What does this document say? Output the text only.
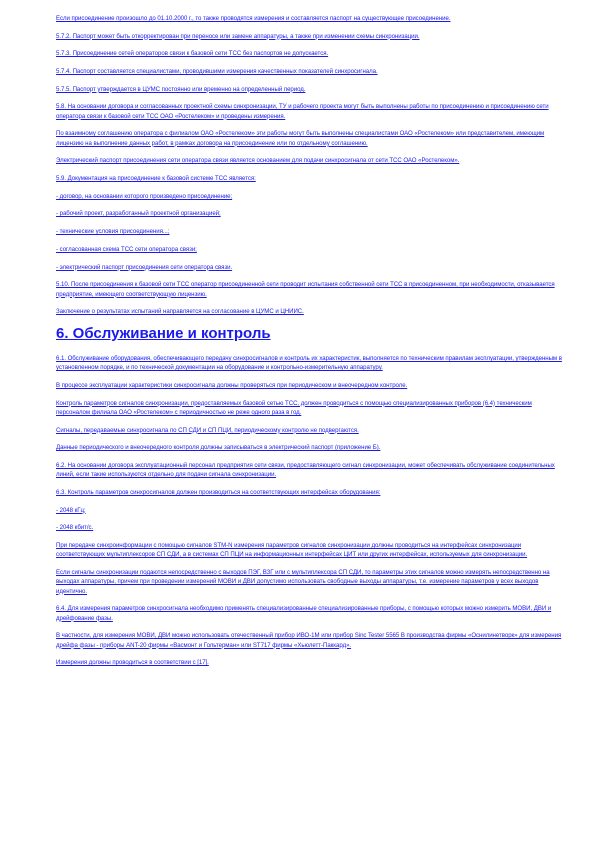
Если присоединение произошло до 01.10.2000 г., то также проводятся измерения и составляется паспорт на существующее присоединение.

5.7.2. Паспорт может быть откорректирован при переносе или замене аппаратуры, а также при изменении схемы синхронизации.

5.7.3. Присоединение сетей операторов связи к базовой сети ТСС без паспортов не допускается.

5.7.4. Паспорт составляется специалистами, проводившими измерения качественных показателей синхросигнала.

5.7.5. Паспорт утверждается в ЦУМС постоянно или временно на определенный период.

5.8. На основании договора и согласованных проектной схемы синхронизации, ТУ и рабочего проекта могут быть выполнены работы по присоединению и присоединению сети оператора связи к базовой сети ТСС ОАО «Ростелеком» и проведены измерения.

По взаимному соглашению оператора с филиалом ОАО «Ростелеком» эти работы могут быть выполнены специалистами ОАО «Ростелеком» или представителем, имеющим лицензию на выполнение данных работ, в рамках договора на присоединение или по отдельному соглашению.

Электрический паспорт присоединения сети оператора связи является основанием для подачи синхросигнала от сети ТСС ОАО «Ростелеком».

5.9. Документация на присоединение к базовой системе ТСС является:

- договор, на основании которого произведено присоединение;

- рабочий проект, разработанный проектной организацией;

- технические условия присоединения...;

- согласованная схема ТСС сети оператора связи;

- электрический паспорт присоединения сети оператора связи.

5.10. После присоединения к базовой сети ТСС оператор присоединенной сети проводит испытания собственной сети ТСС в присоединенном, при необходимости, отказывается предприятие, имеющего соответствующую лицензию.

Заключение о результатах испытаний направляется на согласование в ЦУМС и ЦНИИС.

6. Обслуживание и контроль

6.1. Обслуживание оборудования, обеспечивающего передачу синхросигналов и контроль их характеристик, выполняется по техническим правилам эксплуатации, утвержденным в установленном порядке, и по технической документации на оборудование и контрольно-измерительную аппаратуру.

В процессе эксплуатации характеристики синхросигнала должны проверяться при периодическом и внеочередном контроле.

Контроль параметров сигналов синхронизации, предоставляемых базовой сетью ТСС, должен проводиться с помощью специализированных приборов (6.4) техническим персоналом филиала ОАО «Ростелеком» с периодичностью не реже одного раза в год.

Сигналы, передаваемые синхросигнала по СП СДИ и СП ПЦИ, периодическому контролю не подвергаются.

Данные периодического и внеочередного контроля должны записываться в электрический паспорт (приложение Б).

6.2. На основании договора эксплуатационный персонал предприятия сети связи, предоставляющего сигнал синхронизации, может обеспечивать обслуживание соединительных линий, если такие используются отдельно для подачи сигнала синхронизации.

6.3. Контроль параметров синхросигналов должен производиться на соответствующих интерфейсах оборудования:

- 2048 кГц;

- 2048 кбит/с.

При передаче синхроинформации с помощью сигналов STM-N измерения параметров сигналов синхронизации должны проводиться на интерфейсах синхронизации соответствующих мультиплексоров СП СДИ, а в системах СП ПЦИ на информационных интерфейсах ЦИТ или других интерфейсах, используемых для синхронизации.

Если сигналы синхронизации подаются непосредственно с выходов ПЭГ, ВЗГ или с мультиплексора СП СДИ, то параметры этих сигналов можно измерять непосредственно на выходах аппаратуры, причем при проведении измерений МОВИ и ДВИ допустимо использовать свободные выходы аппаратуры, т.е. измерение параметров у всех выходов идентично.

6.4. Для измерения параметров синхросигнала необходимо применять специализированные специализированные приборы, с помощью которых можно измерить МОВИ, ДВИ и дрейфование фазы.

В частности, для измерения МОВИ, ДВИ можно использовать отечественный прибор ИВО-1М или прибор Sinc Tester 5565 В производства фирмы «Оснилинетворк» для измерения дрейфа фазы - приборы ANT-20 фирмы «Ваcмонт и Гольтерман» или ST717 фирмы «Хьюлетт-Паккард».

Измерения должны проводиться в соответствии с [17].
